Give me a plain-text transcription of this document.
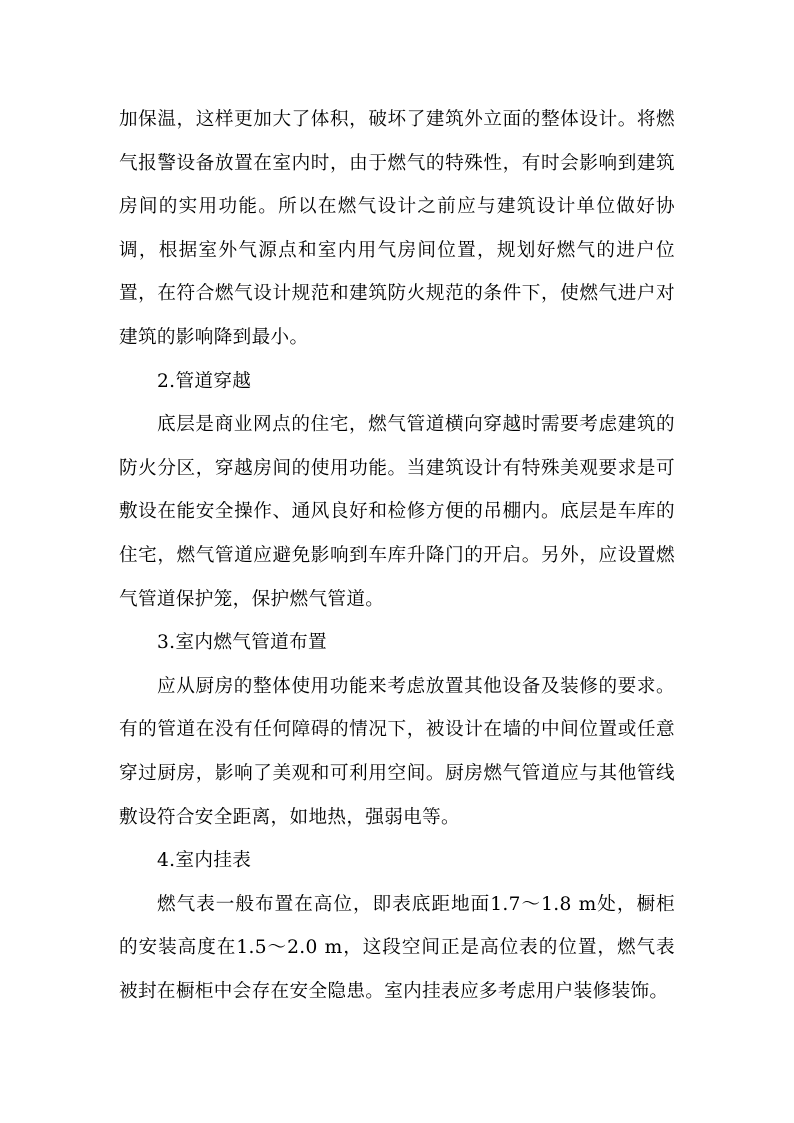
加保温，这样更加大了体积，破坏了建筑外立面的整体设计。将燃气报警设备放置在室内时，由于燃气的特殊性，有时会影响到建筑房间的实用功能。所以在燃气设计之前应与建筑设计单位做好协调，根据室外气源点和室内用气房间位置，规划好燃气的进户位置，在符合燃气设计规范和建筑防火规范的条件下，使燃气进户对建筑的影响降到最小。

2.管道穿越

底层是商业网点的住宅，燃气管道横向穿越时需要考虑建筑的防火分区，穿越房间的使用功能。当建筑设计有特殊美观要求是可敷设在能安全操作、通风良好和检修方便的吊棚内。底层是车库的住宅，燃气管道应避免影响到车库升降门的开启。另外，应设置燃气管道保护笼，保护燃气管道。

3.室内燃气管道布置

应从厨房的整体使用功能来考虑放置其他设备及装修的要求。有的管道在没有任何障碍的情况下，被设计在墙的中间位置或任意穿过厨房，影响了美观和可利用空间。厨房燃气管道应与其他管线敷设符合安全距离，如地热，强弱电等。

4.室内挂表

燃气表一般布置在高位，即表底距地面1.7～1.8 m处，橱柜的安装高度在1.5～2.0 m，这段空间正是高位表的位置，燃气表被封在橱柜中会存在安全隐患。室内挂表应多考虑用户装修装饰。
